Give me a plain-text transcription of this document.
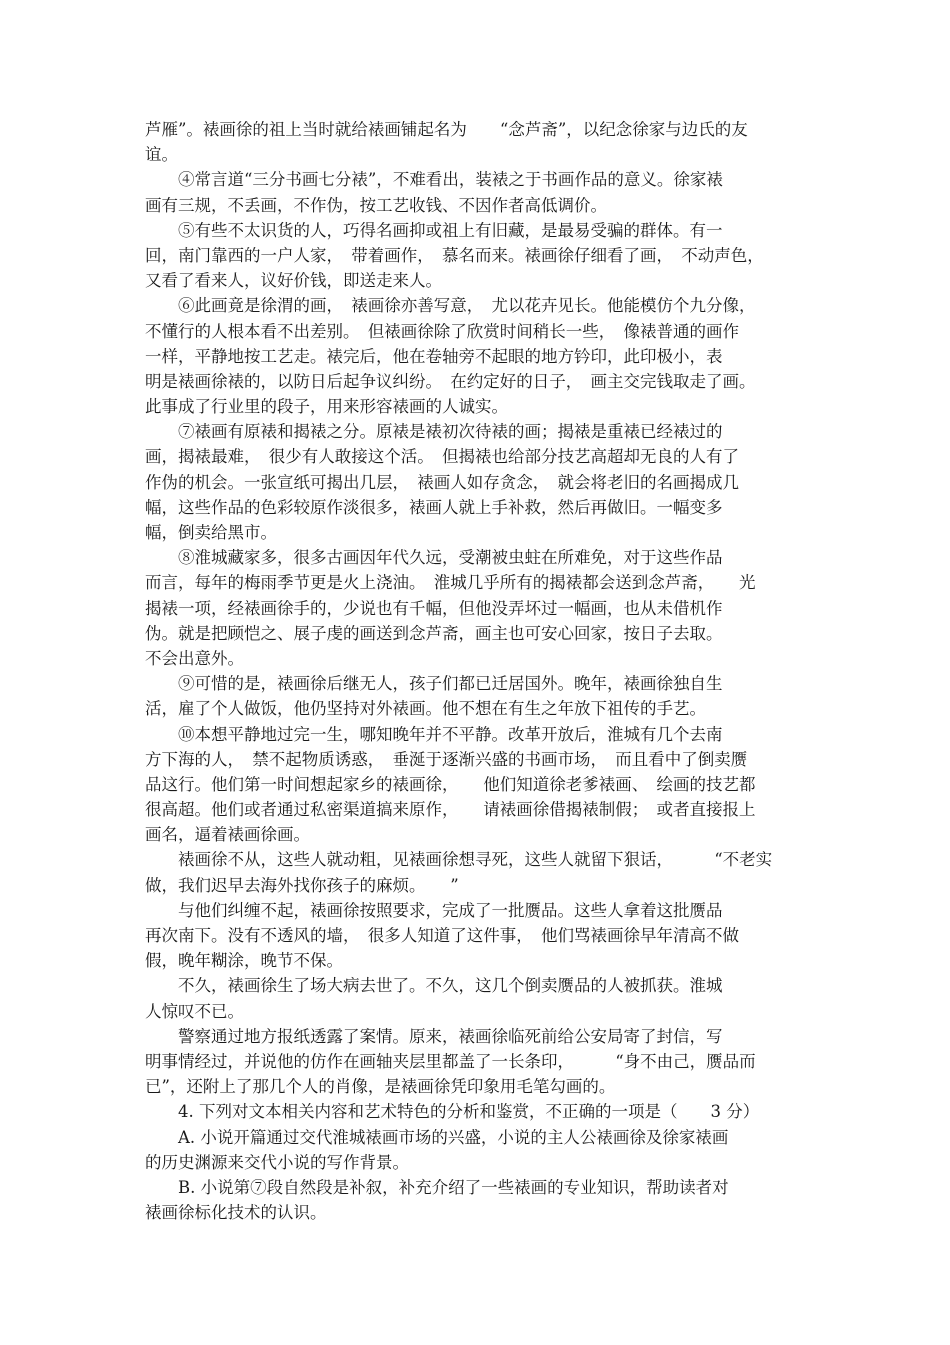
芦雁”。裱画徐的祖上当时就给裱画铺起名为　　“念芦斋”，以纪念徐家与边氏的友
谊。
　　④常言道“三分书画七分裱”，不难看出，装裱之于书画作品的意义。徐家裱
画有三规，不丢画，不作伪，按工艺收钱、不因作者高低调价。
　　⑤有些不太识货的人，巧得名画抑或祖上有旧藏，是最易受骗的群体。有一
回，南门靠西的一户人家，　带着画作，　慕名而来。裱画徐仔细看了画，　不动声色，
又看了看来人，议好价钱，即送走来人。
　　⑥此画竟是徐渭的画，　裱画徐亦善写意，　尤以花卉见长。他能模仿个九分像，
不懂行的人根本看不出差别。　但裱画徐除了欣赏时间稍长一些，　像裱普通的画作
一样，平静地按工艺走。裱完后，他在卷轴旁不起眼的地方钤印，此印极小，表
明是裱画徐裱的，以防日后起争议纠纷。　在约定好的日子，　画主交完钱取走了画。
此事成了行业里的段子，用来形容裱画的人诚实。
　　⑦裱画有原裱和揭裱之分。原裱是裱初次待裱的画；揭裱是重裱已经裱过的
画，揭裱最难，　很少有人敢接这个活。　但揭裱也给部分技艺高超却无良的人有了
作伪的机会。一张宣纸可揭出几层，　裱画人如存贪念，　就会将老旧的名画揭成几
幅，这些作品的色彩较原作淡很多，裱画人就上手补救，然后再做旧。一幅变多
幅，倒卖给黑市。
　　⑧淮城藏家多，很多古画因年代久远，受潮被虫蛀在所难免，对于这些作品
而言，每年的梅雨季节更是火上浇油。　淮城几乎所有的揭裱都会送到念芦斋，　　光
揭裱一项，经裱画徐手的，少说也有千幅，但他没弄坏过一幅画，也从未借机作
伪。就是把顾恺之、展子虔的画送到念芦斋，画主也可安心回家，按日子去取。
不会出意外。
　　⑨可惜的是，裱画徐后继无人，孩子们都已迁居国外。晚年，裱画徐独自生
活，雇了个人做饭，他仍坚持对外裱画。他不想在有生之年放下祖传的手艺。
　　⑩本想平静地过完一生，哪知晚年并不平静。改革开放后，淮城有几个去南
方下海的人，　禁不起物质诱惑，　垂涎于逐渐兴盛的书画市场，　而且看中了倒卖赝
品这行。他们第一时间想起家乡的裱画徐，　　他们知道徐老爹裱画、　绘画的技艺都
很高超。他们或者通过私密渠道搞来原作，　　请裱画徐借揭裱制假；　或者直接报上
画名，逼着裱画徐画。
　　裱画徐不从，这些人就动粗，见裱画徐想寻死，这些人就留下狠话，　　　“不老实
做，我们迟早去海外找你孩子的麻烦。　　”
　　与他们纠缠不起，裱画徐按照要求，完成了一批赝品。这些人拿着这批赝品
再次南下。没有不透风的墙，　很多人知道了这件事，　他们骂裱画徐早年清高不做
假，晚年糊涂，晚节不保。
　　不久，裱画徐生了场大病去世了。不久，这几个倒卖赝品的人被抓获。淮城
人惊叹不已。
　　警察通过地方报纸透露了案情。原来，裱画徐临死前给公安局寄了封信，写
明事情经过，并说他的仿作在画轴夹层里都盖了一长条印，　　　“身不由己，赝品而
已”，还附上了那几个人的肖像，是裱画徐凭印象用毛笔勾画的。
　　4. 下列对文本相关内容和艺术特色的分析和鉴赏，不正确的一项是（　　3 分）
　　A. 小说开篇通过交代淮城裱画市场的兴盛，小说的主人公裱画徐及徐家裱画
的历史渊源来交代小说的写作背景。
　　B. 小说第⑦段自然段是补叙，补充介绍了一些裱画的专业知识，帮助读者对
裱画徐标化技术的认识。
